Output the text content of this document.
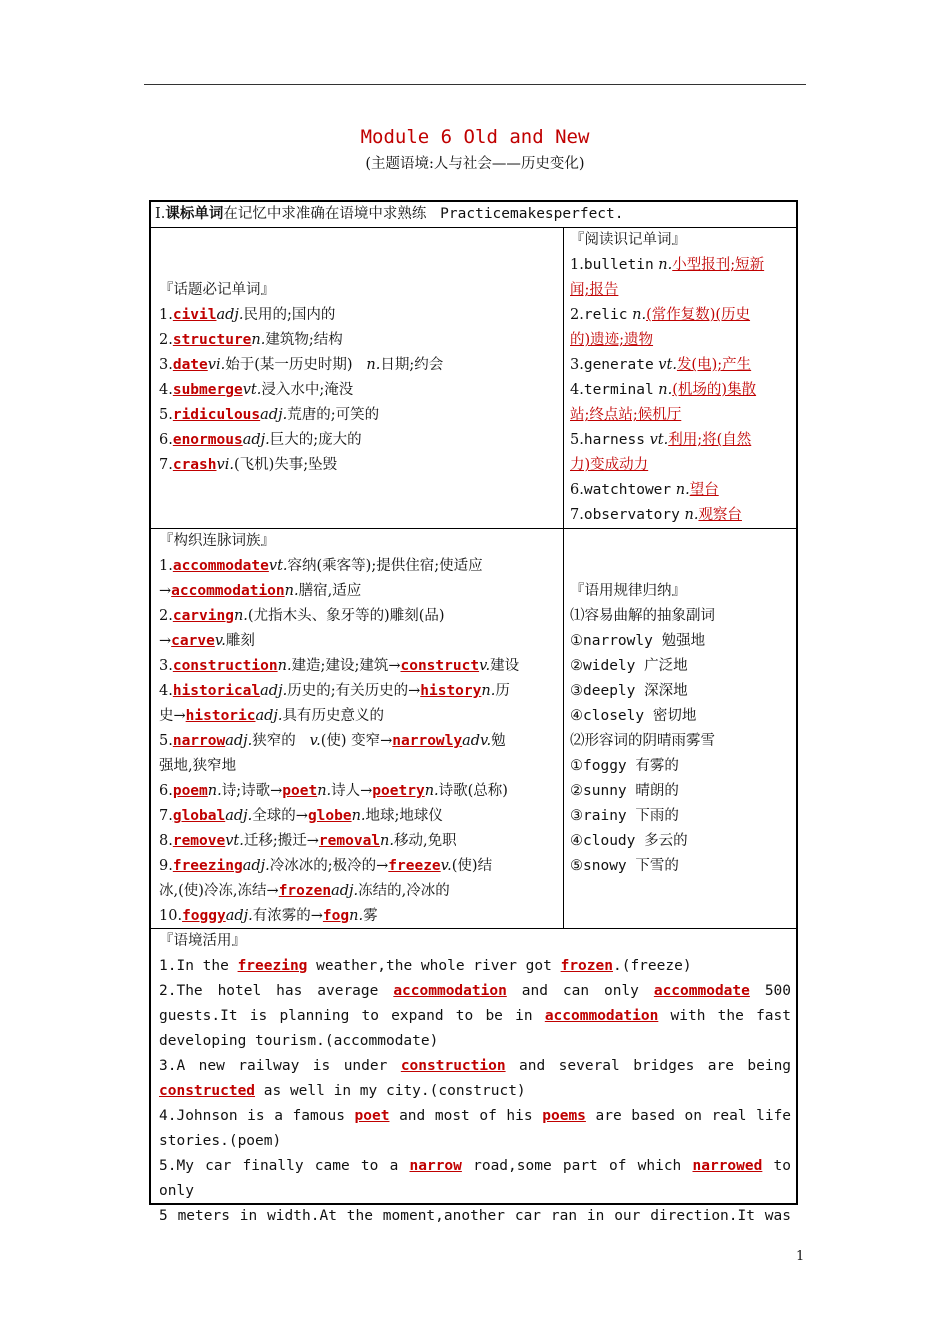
Module 6 Old and New
(主题语境:人与社会——历史变化)
Ⅰ.课标单词在记忆中求准确在语境中求熟练 Practicemakesperfect.
『话题必记单词』
1.civiladj.民用的;国内的
2.structuren.建筑物;结构
3.datevi.始于(某一历史时期) n.日期;约会
4.submergevt.浸入水中;淹没
5.ridiculousadj.荒唐的;可笑的
6.enormousadj.巨大的;庞大的
7.crashvi.(飞机)失事;坠毁
『阅读识记单词』
1.bulletin n.小型报刊;短新
闻;报告
2.relic n.(常作复数)(历史
的)遗迹;遗物
3.generate vt.发(电);产生
4.terminal n.(机场的)集散
站;终点站;候机厅
5.harness vt.利用;将(自然
力)变成动力
6.watchtower n.望台
7.observatory n.观察台
『构织连脉词族』
1.accommodatevt.容纳(乘客等);提供住宿;使适应
→accommodationn.膳宿,适应
2.carvingn.(尤指木头、象牙等的)雕刻(品)
→carvev.雕刻
3.constructionn.建造;建设;建筑→constructv.建设
4.historicaladj.历史的;有关历史的→historyn.历
史→historicadj.具有历史意义的
5.narrowadj.狭窄的 v.(使) 变窄→narrowlyadv.勉
强地,狭窄地
6.poemn.诗;诗歌→poetn.诗人→poetryn.诗歌(总称)
7.globaladj.全球的→globen.地球;地球仪
8.removevt.迁移;搬迁→removaln.移动,免职
9.freezingadj.冷冰冰的;极冷的→freezev.(使)结
冰,(使)冷冻,冻结→frozenadj.冻结的,冷冰的
10.foggyadj.有浓雾的→fogn.雾
『语用规律归纳』
⑴容易曲解的抽象副词
①narrowly 勉强地
②widely 广泛地
③deeply 深深地
④closely 密切地
⑵形容词的阴晴雨雾雪
①foggy 有雾的
②sunny 晴朗的
③rainy 下雨的
④cloudy 多云的
⑤snowy 下雪的
『语境活用』
1.In the freezing weather,the whole river got frozen.(freeze)
2.The hotel has average accommodation and can only accommodate 500
guests.It is planning to expand to be in accommodation with the fast
developing tourism.(accommodate)
3.A new railway is under construction and several bridges are being
constructed as well in my city.(construct)
4.Johnson is a famous poet and most of his poems are based on real life
stories.(poem)
5.My car finally came to a narrow road,some part of which narrowed to only
5 meters in width.At the moment,another car ran in our direction.It was
1
